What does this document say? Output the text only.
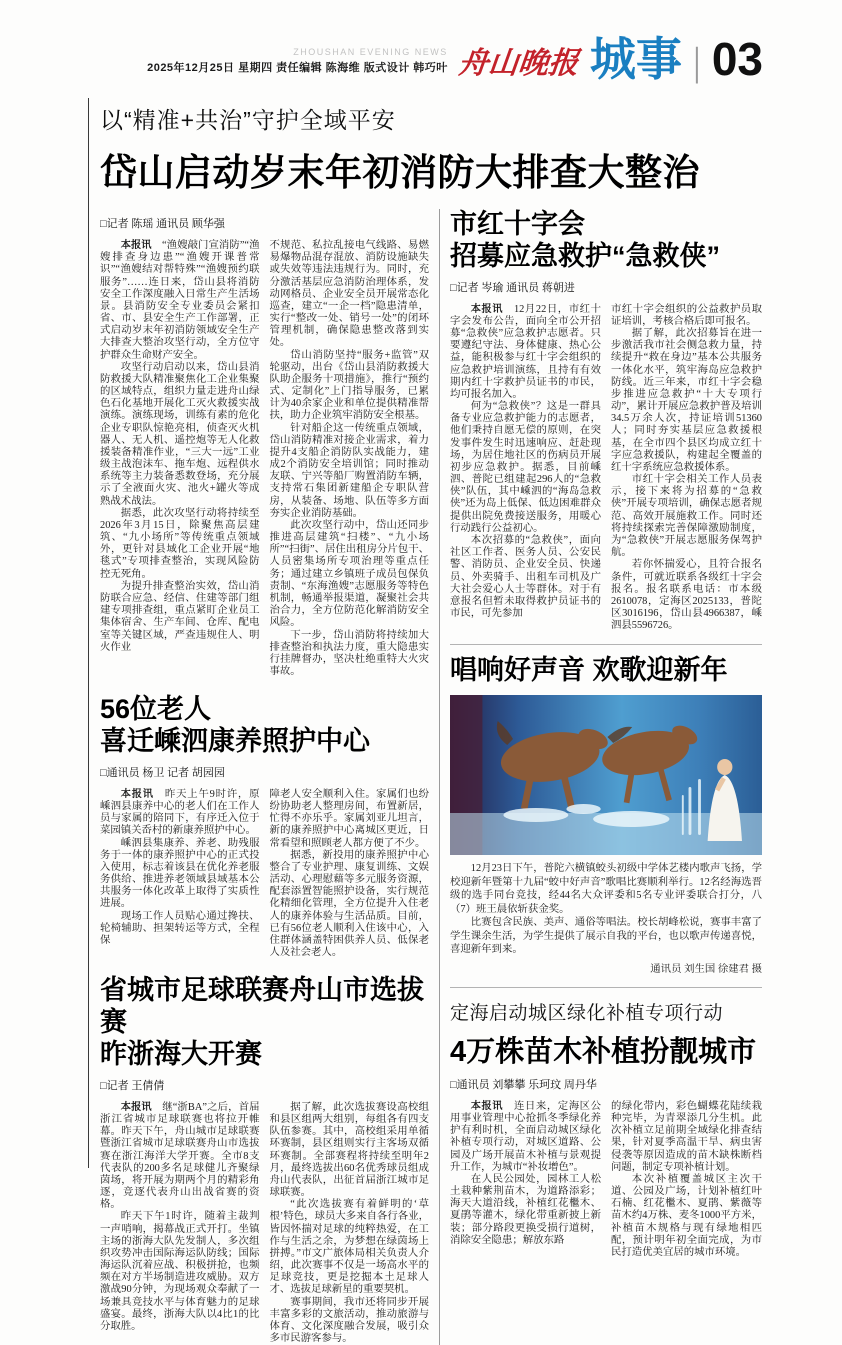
ZHOUSHAN EVENING NEWS
2025年12月25日 星期四 责任编辑 陈海维 版式设计 韩巧叶 舟山晚报 城事 | 03
以“精准+共治”守护全域平安
岱山启动岁末年初消防大排查大整治
□记者 陈瑶 通讯员 顾华强

本报讯　“渔嫂敲门宣消防”“渔嫂排查身边患”“渔嫂开课普常识”“渔嫂结对帮特殊”“渔嫂预约联服务”……连日来，岱山县将消防安全工作深度融入日常生产生活场景。县消防安全专业委员会紧扣省、市、县安全生产工作部署，正式启动岁末年初消防领域安全生产大排查大整治攻坚行动，全方位守护群众生命财产安全。

攻坚行动启动以来，岱山县消防救援大队精准聚焦化工企业集聚的区域特点，组织力量走进舟山绿色石化基地开展化工灭火救援实战演练。演练现场，训练有素的危化企业专职队惊艳亮相，侦查灭火机器人、无人机、遥控炮等无人化救援装备精准作业，“三大一远”工业级主战泡沫车、拖车炮、远程供水系统等主力装备悉数登场，充分展示了全液面火灾、池火+罐火等成熟战术战法。

据悉，此次攻坚行动将持续至2026年3月15日，除聚焦高层建筑、“九小场所”等传统重点领域外，更针对县域化工企业开展“地毯式”专项排查整治，实现风险防控无死角。

为提升排查整治实效，岱山消防联合应急、经信、住建等部门组建专项排查组，重点紧盯企业员工集体宿舍、生产车间、仓库、配电室等关键区域，严查违规住人、明火作业

不规范、私拉乱接电气线路、易燃易爆物品混存混放、消防设施缺失或失效等违法违规行为。同时，充分激活基层应急消防治理体系，发动网格员、企业安全员开展常态化巡查，建立“一企一档”隐患清单，实行“整改一处、销号一处”的闭环管理机制，确保隐患整改落到实处。

岱山消防坚持“服务+监管”双轮驱动，出台《岱山县消防救援大队助企服务十项措施》，推行“预约式、定制化”上门指导服务，已累计为40余家企业和单位提供精准帮扶，助力企业筑牢消防安全根基。

针对船企这一传统重点领域，岱山消防精准对接企业需求，着力提升4支船企消防队实战能力，建成2个消防安全培训馆；同时推动友联、宁兴等船厂购置消防车辆，支持常石集团新建船企专职队营房，从装备、场地、队伍等多方面夯实企业消防基础。

此次攻坚行动中，岱山还同步推进高层建筑“扫楼”、“九小场所”“扫街”、居住出租房分片包干、人员密集场所专项治理等重点任务；通过建立乡镇班子成员包保负责制、“东海渔嫂”志愿服务等特色机制，畅通举报渠道，凝聚社会共治合力，全方位防范化解消防安全风险。

下一步，岱山消防将持续加大排查整治和执法力度，重大隐患实行挂牌督办，坚决杜绝重特大火灾事故。

56位老人
喜迁嵊泗康养照护中心
□通讯员 杨卫 记者 胡园园

本报讯　昨天上午9时许，原嵊泗县康养中心的老人们在工作人员与家属的陪同下，有序迁入位于菜园镇关岙村的新康养照护中心。

嵊泗县集康养、养老、助残服务于一体的康养照护中心的正式投入使用，标志着该县在优化养老服务供给、推进养老领域县域基本公共服务一体化改革上取得了实质性进展。

现场工作人员贴心通过搀扶、轮椅辅助、担架转运等方式，全程保

障老人安全顺利入住。家属们也纷纷协助老人整理房间，布置新居，忙得不亦乐乎。家属刘亚儿坦言，新的康养照护中心离城区更近，日常看望和照顾老人都方便了不少。

据悉，新投用的康养照护中心整合了专业护理、康复训练、文娱活动、心理慰藉等多元服务资源，配套添置智能照护设备，实行规范化精细化管理，全方位提升入住老人的康养体验与生活品质。目前，已有56位老人顺利入住该中心，入住群体涵盖特困供养人员、低保老人及社会老人。

省城市足球联赛舟山市选拔赛
昨浙海大开赛
□记者 王倩倩

本报讯　继“浙BA”之后，首届浙江省城市足球联赛也将拉开帷幕。昨天下午，舟山城市足球联赛暨浙江省城市足球联赛舟山市选拔赛在浙江海洋大学开赛。全市8支代表队的200多名足球健儿齐聚绿茵场，将开展为期两个月的精彩角逐，竞逐代表舟山出战省赛的资格。

昨天下午1时许，随着主裁判一声哨响，揭幕战正式开打。坐镇主场的浙海大队先发制人，多次组织攻势冲击国际海运队防线；国际海运队沉着应战、积极拼抢，也频频在对方半场制造进攻威胁。双方激战90分钟，为现场观众奉献了一场兼具竞技水平与体育魅力的足球盛宴。最终，浙海大队以4比1的比分取胜。

据了解，此次选拔赛设高校组和县区组两大组别，每组各有四支队伍参赛。其中，高校组采用单循环赛制，县区组则实行主客场双循环赛制。全部赛程将持续至明年2月，最终选拔出60名优秀球员组成舟山代表队，出征首届浙江城市足球联赛。

“此次选拔赛有着鲜明的‘草根’特色，球员大多来自各行各业，皆因怀揣对足球的纯粹热爱，在工作与生活之余，为梦想在绿茵场上拼搏。”市文广旅体局相关负责人介绍，此次赛事不仅是一场高水平的足球竞技，更是挖掘本土足球人才、选拔足球新星的重要契机。

赛事期间，我市还将同步开展丰富多彩的文旅活动，推动旅游与体育、文化深度融合发展，吸引众多市民游客参与。

市红十字会
招募应急救护“急救侠”
□记者 岑瑜 通讯员 蒋朝进

本报讯　12月22日，市红十字会发布公告，面向全市公开招募“急救侠”应急救护志愿者。只要遵纪守法、身体健康、热心公益，能积极参与红十字会组织的应急救护培训演练，且持有有效期内红十字救护员证书的市民，均可报名加入。

何为“急救侠”？这是一群具备专业应急救护能力的志愿者，他们秉持自愿无偿的原则，在突发事件发生时迅速响应、赶赴现场，为居住地社区的伤病员开展初步应急救护。据悉，目前嵊泗、普陀已组建起296人的“急救侠”队伍，其中嵊泗的“海岛急救侠”还为岛上低保、低边困难群众提供出院免费接送服务，用暖心行动践行公益初心。

本次招募的“急救侠”，面向社区工作者、医务人员、公安民警、消防员、企业安全员、快递员、外卖骑手、出租车司机及广大社会爱心人士等群体。对于有意报名但暂未取得救护员证书的市民，可先参加

市红十字会组织的公益救护员取证培训，考核合格后即可报名。

据了解，此次招募旨在进一步激活我市社会侧急救力量，持续提升“救在身边”基本公共服务一体化水平，筑牢海岛应急救护防线。近三年来，市红十字会稳步推进应急救护“十大专项行动”，累计开展应急救护普及培训34.5万余人次，持证培训51360人；同时夯实基层应急救援根基，在全市四个县区均成立红十字应急救援队，构建起全覆盖的红十字系统应急救援体系。

市红十字会相关工作人员表示，接下来将为招募的“急救侠”开展专项培训，确保志愿者规范、高效开展施救工作。同时还将持续探索完善保障激励制度，为“急救侠”开展志愿服务保驾护航。

若你怀揣爱心，且符合报名条件，可就近联系各级红十字会报名。报名联系电话：市本级2610078，定海区2025133，普陀区3016196，岱山县4966387，嵊泗县5596726。

唱响好声音 欢歌迎新年

12月23日下午，普陀六横镇蛟头初级中学体艺楼内歌声飞扬，学校迎新年暨第十九届“蛟中好声音”歌唱比赛顺利举行。12名经海选晋级的选手同台竞技，经44名大众评委和5名专业评委联合打分，八（7）班王晨依斩获金奖。

比赛包含民族、美声、通俗等唱法。校长胡峰松说，赛事丰富了学生课余生活，为学生提供了展示自我的平台，也以歌声传递喜悦，喜迎新年到来。

通讯员 刘生国 徐建君 摄
定海启动城区绿化补植专项行动
4万株苗木补植扮靓城市
□通讯员 刘攀攀 乐珂玟 周丹华

本报讯　连日来，定海区公用事业管理中心抢抓冬季绿化养护有利时机，全面启动城区绿化补植专项行动，对城区道路、公园及广场开展苗木补植与景观提升工作，为城市“补妆增色”。

在人民公园处，园林工人松土栽种紫荆苗木，为道路添彩；海天大道沿线，补植红花檵木、夏鹃等灌木，绿化带重新披上新装；部分路段更换受损行道树，消除安全隐患；解放东路

的绿化带内，彩色蝴蝶花陆续栽种完毕，为青翠添几分生机。此次补植立足前期全域绿化排查结果，针对夏季高温干旱、病虫害侵袭等原因造成的苗木缺株断档问题，制定专项补植计划。

本次补植覆盖城区主次干道、公园及广场，计划补植红叶石楠、红花檵木、夏鹃、紫薇等苗木约4万株、麦冬1000平方米，补植苗木规格与现有绿地相匹配，预计明年初全面完成，为市民打造优美宜居的城市环境。
